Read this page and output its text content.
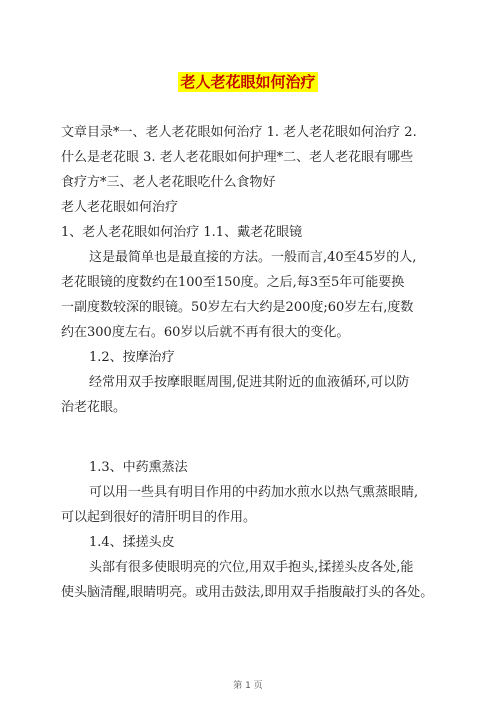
老人老花眼如何治疗
文章目录*一、老人老花眼如何治疗 1. 老人老花眼如何治疗 2.
什么是老花眼 3. 老人老花眼如何护理*二、老人老花眼有哪些
食疗方*三、老人老花眼吃什么食物好
老人老花眼如何治疗
1、老人老花眼如何治疗 1.1、戴老花眼镜
这是最简单也是最直接的方法。一般而言,40至45岁的人,
老花眼镜的度数约在100至150度。之后,每3至5年可能要换
一副度数较深的眼镜。50岁左右大约是200度;60岁左右,度数
约在300度左右。60岁以后就不再有很大的变化。
1.2、按摩治疗
经常用双手按摩眼眶周围,促进其附近的血液循环,可以防
治老花眼。
1.3、中药熏蒸法
可以用一些具有明目作用的中药加水煎水以热气熏蒸眼睛,
可以起到很好的清肝明目的作用。
1.4、揉搓头皮
头部有很多使眼明亮的穴位,用双手抱头,揉搓头皮各处,能
使头脑清醒,眼睛明亮。或用击鼓法,即用双手指腹敲打头的各处。
第 1 页
